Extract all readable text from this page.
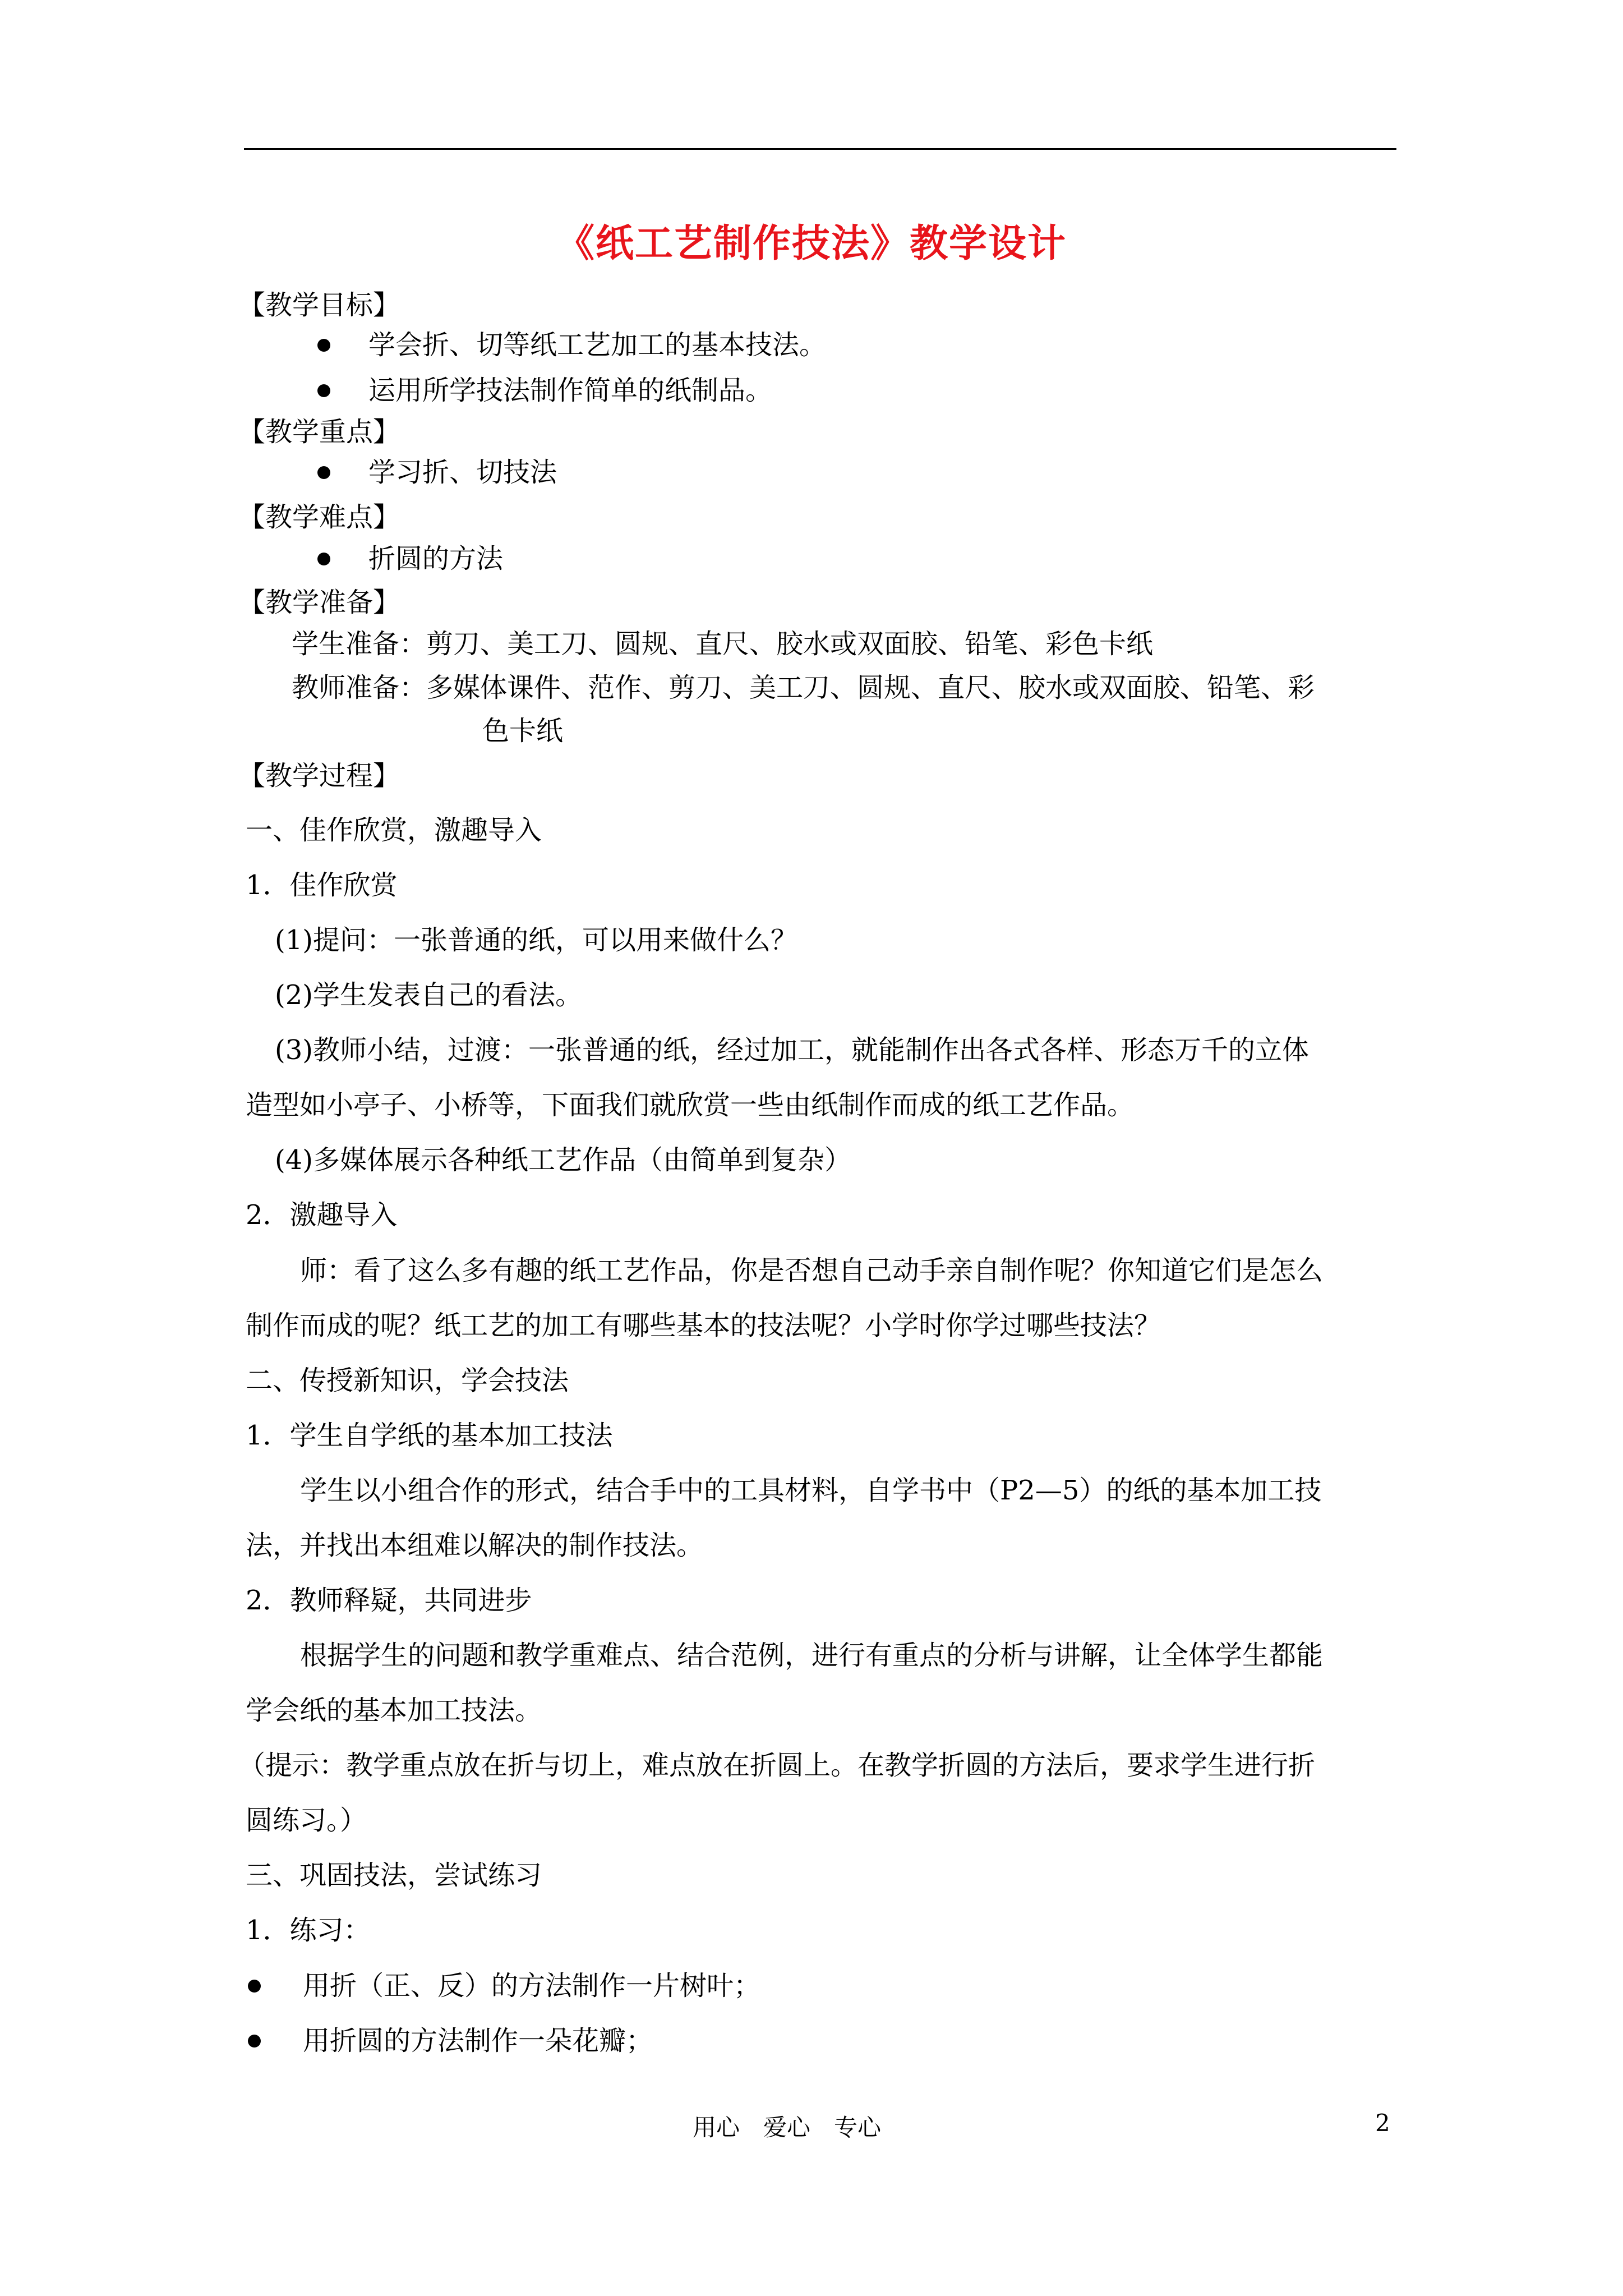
《纸工艺制作技法》教学设计
【教学目标】
学会折、切等纸工艺加工的基本技法。
运用所学技法制作简单的纸制品。
【教学重点】
学习折、切技法
【教学难点】
折圆的方法
【教学准备】
学生准备：剪刀、美工刀、圆规、直尺、胶水或双面胶、铅笔、彩色卡纸
教师准备：多媒体课件、范作、剪刀、美工刀、圆规、直尺、胶水或双面胶、铅笔、彩
色卡纸
【教学过程】
一、佳作欣赏，激趣导入
1．佳作欣赏
(1)提问：一张普通的纸，可以用来做什么？
(2)学生发表自己的看法。
(3)教师小结，过渡：一张普通的纸，经过加工，就能制作出各式各样、形态万千的立体
造型如小亭子、小桥等，下面我们就欣赏一些由纸制作而成的纸工艺作品。
(4)多媒体展示各种纸工艺作品（由简单到复杂）
2．激趣导入
师：看了这么多有趣的纸工艺作品，你是否想自己动手亲自制作呢？你知道它们是怎么
制作而成的呢？纸工艺的加工有哪些基本的技法呢？小学时你学过哪些技法？
二、传授新知识，学会技法
1．学生自学纸的基本加工技法
学生以小组合作的形式，结合手中的工具材料，自学书中（P2—5）的纸的基本加工技
法，并找出本组难以解决的制作技法。
2．教师释疑，共同进步
根据学生的问题和教学重难点、结合范例，进行有重点的分析与讲解，让全体学生都能
学会纸的基本加工技法。
（提示：教学重点放在折与切上，难点放在折圆上。在教学折圆的方法后，要求学生进行折
圆练习。）
三、巩固技法，尝试练习
1．练习：
用折（正、反）的方法制作一片树叶；
用折圆的方法制作一朵花瓣；
用心　爱心　专心	2
